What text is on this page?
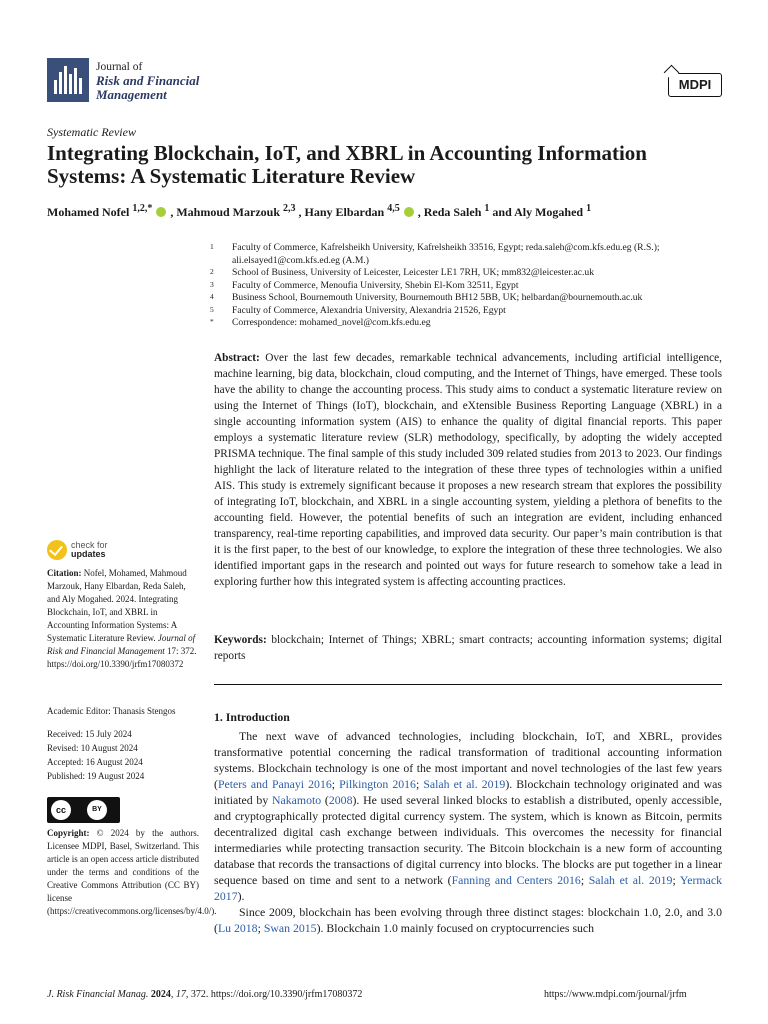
Journal of
Risk and Financial
Management
MDPI
Systematic Review
Integrating Blockchain, IoT, and XBRL in Accounting Information Systems: A Systematic Literature Review
Mohamed Nofel $^{1,2,*}$ , Mahmoud Marzouk $^{2,3}$ , Hany Elbardan $^{4,5}$ , Reda Saleh $^1$ and Aly Mogahed $^1$
1	Faculty of Commerce, Kafrelsheikh University, Kafrelsheikh 33516, Egypt; reda.saleh@com.kfs.edu.eg (R.S.); ali.elsayed1@com.kfs.ed.eg (A.M.)
2	School of Business, University of Leicester, Leicester LE1 7RH, UK; mm832@leicester.ac.uk
3	Faculty of Commerce, Menoufia University, Shebin El-Kom 32511, Egypt
4	Business School, Bournemouth University, Bournemouth BH12 5BB, UK; helbardan@bournemouth.ac.uk
5	Faculty of Commerce, Alexandria University, Alexandria 21526, Egypt
*	Correspondence: mohamed_novel@com.kfs.edu.eg
Abstract: Over the last few decades, remarkable technical advancements, including artificial intelligence, machine learning, big data, blockchain, cloud computing, and the Internet of Things, have emerged. These tools have the ability to change the accounting process. This study aims to conduct a systematic literature review on using the Internet of Things (IoT), blockchain, and eXtensible Business Reporting Language (XBRL) in a single accounting information system (AIS) to enhance the quality of digital financial reports. This paper employs a systematic literature review (SLR) methodology, specifically, by adopting the widely accepted PRISMA technique. The final sample of this study included 309 related studies from 2013 to 2023. Our findings highlight the lack of literature related to the integration of these three types of technologies within a unified AIS. This study is extremely significant because it proposes a new research stream that explores the possibility of integrating IoT, blockchain, and XBRL in a single accounting system, yielding a plethora of benefits to the accounting field. However, the potential benefits of such an integration are evident, including enhanced transparency, real-time reporting capabilities, and improved data security. Our paper’s main contribution is that it is the first paper, to the best of our knowledge, to explore the integration of these three technologies. We also identified important gaps in the research and pointed out ways for future research to somehow take a lead in exploring further how this integrated system is affecting accounting practices.
Keywords: blockchain; Internet of Things; XBRL; smart contracts; accounting information systems; digital reports
1. Introduction

The next wave of advanced technologies, including blockchain, IoT, and XBRL, provides transformative potential concerning the radical transformation of traditional accounting information systems. Blockchain technology is one of the most important and novel technologies of the last few years (Peters and Panayi 2016; Pilkington 2016; Salah et al. 2019). Blockchain technology originated and was initiated by Nakamoto (2008). He used several linked blocks to establish a distributed, openly accessible, and cryptographically protected digital currency system. The system, which is known as Bitcoin, permits decentralized digital cash exchange between individuals. This overcomes the necessity for financial intermediaries while protecting transaction security. The Bitcoin blockchain is a new form of accounting database that records the transactions of digital currency into blocks. The blocks are put together in a linear sequence based on time and sent to a network (Fanning and Centers 2016; Salah et al. 2019; Yermack 2017).

Since 2009, blockchain has been evolving through three distinct stages: blockchain 1.0, 2.0, and 3.0 (Lu 2018; Swan 2015). Blockchain 1.0 mainly focused on cryptocurrencies such

check for
updates
Citation: Nofel, Mohamed, Mahmoud Marzouk, Hany Elbardan, Reda Saleh, and Aly Mogahed. 2024. Integrating Blockchain, IoT, and XBRL in Accounting Information Systems: A Systematic Literature Review. Journal of Risk and Financial Management 17: 372. https://doi.org/10.3390/jrfm17080372
Academic Editor: Thanasis Stengos
Received: 15 July 2024
Revised: 10 August 2024
Accepted: 16 August 2024
Published: 19 August 2024
cc	BY
Copyright: © 2024 by the authors. Licensee MDPI, Basel, Switzerland. This article is an open access article distributed under the terms and conditions of the Creative Commons Attribution (CC BY) license (https://creativecommons.org/licenses/by/4.0/).
J. Risk Financial Manag. 2024, 17, 372. https://doi.org/10.3390/jrfm17080372	https://www.mdpi.com/journal/jrfm
